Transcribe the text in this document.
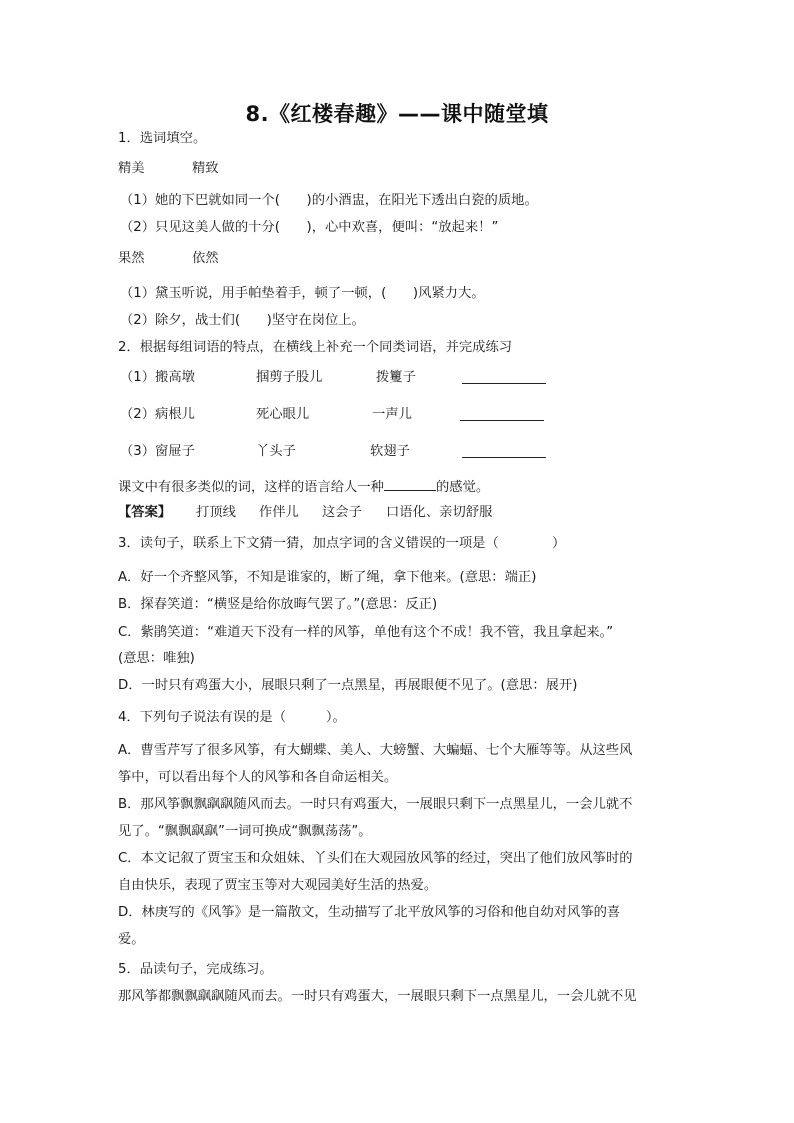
8.《红楼春趣》——课中随堂填
1．选词填空。
精美	精致
（1）她的下巴就如同一个(　　)的小酒盅，在阳光下透出白瓷的质地。
（2）只见这美人做的十分(　　)，心中欢喜，便叫：“放起来！”
果然	依然
（1）黛玉听说，用手帕垫着手，顿了一顿，(　　)风紧力大。
（2）除夕，战士们(　　)坚守在岗位上。
2．根据每组词语的特点，在横线上补充一个同类词语，并完成练习
（1）搬高墩	掴剪子股儿	拨籰子
（2）病根儿	死心眼儿	一声儿
（3）窗屉子	丫头子	软翅子
课文中有很多类似的词，这样的语言给人一种	的感觉。
【答案】 打顶线 作伴儿 这会子 口语化、亲切舒服
3．读句子，联系上下文猜一猜，加点字词的含义错误的一项是（　　　　）
A．好一个齐整风筝，不知是谁家的，断了绳，拿下他来。(意思：端正)
B．探春笑道：“横竖是给你放晦气罢了。”(意思：反正)
C．紫鹃笑道：“难道天下没有一样的风筝，单他有这个不成！我不管，我且拿起来。”
(意思：唯独)
D．一时只有鸡蛋大小，展眼只剩了一点黑星，再展眼便不见了。(意思：展开)
4．下列句子说法有误的是（　　　）。
A．曹雪芹写了很多风筝，有大蝴蝶、美人、大螃蟹、大蝙蝠、七个大雁等等。从这些风
筝中，可以看出每个人的风筝和各自命运相关。
B．那风筝飘飘飖飖随风而去。一时只有鸡蛋大，一展眼只剩下一点黑星儿，一会儿就不
见了。“飘飘飖飖”一词可换成“飘飘荡荡”。
C．本文记叙了贾宝玉和众姐妹、丫头们在大观园放风筝的经过，突出了他们放风筝时的
自由快乐，表现了贾宝玉等对大观园美好生活的热爱。
D．林庚写的《风筝》是一篇散文，生动描写了北平放风筝的习俗和他自幼对风筝的喜
爱。
5．品读句子，完成练习。
那风筝都飘飘飖飖随风而去。一时只有鸡蛋大，一展眼只剩下一点黑星儿，一会儿就不见
